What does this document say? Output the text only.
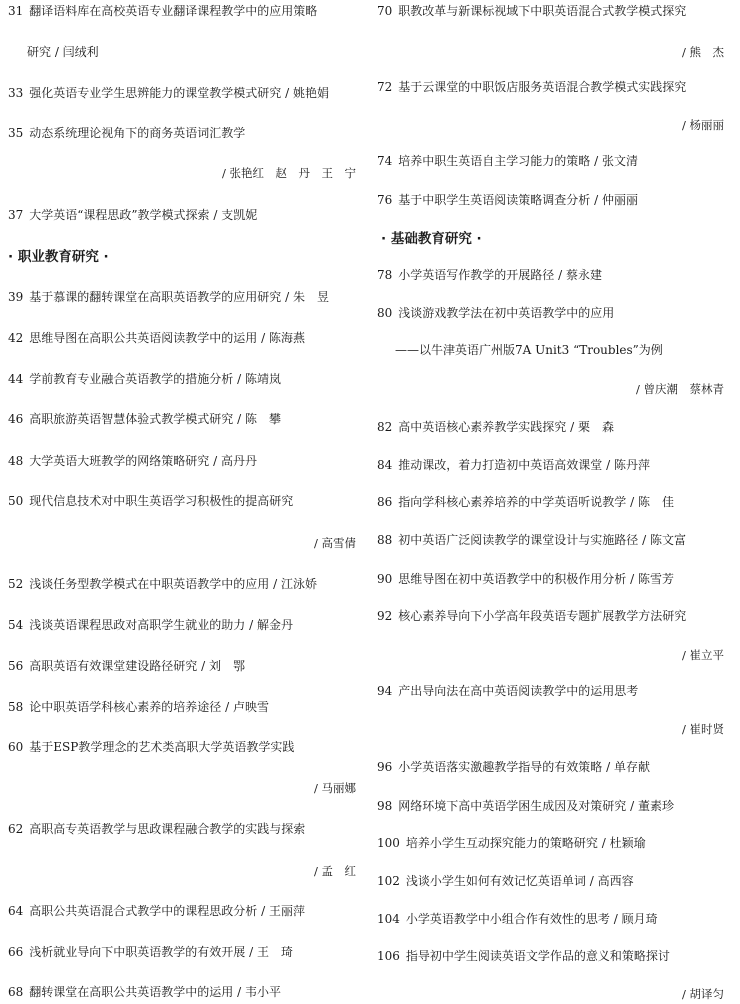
31 翻译语料库在高校英语专业翻译课程教学中的应用策略
研究 / 闫绒利
33 强化英语专业学生思辨能力的课堂教学模式研究 / 姚艳娟
35 动态系统理论视角下的商务英语词汇教学
/ 张艳红　赵　丹　王　宁
37 大学英语“课程思政”教学模式探索 / 支凯妮
· 职业教育研究 ·
39 基于慕课的翻转课堂在高职英语教学的应用研究 / 朱　昱
42 思维导图在高职公共英语阅读教学中的运用 / 陈海燕
44 学前教育专业融合英语教学的措施分析 / 陈靖岚
46 高职旅游英语智慧体验式教学模式研究 / 陈　攀
48 大学英语大班教学的网络策略研究 / 高丹丹
50 现代信息技术对中职生英语学习积极性的提高研究
/ 高雪倩
52 浅谈任务型教学模式在中职英语教学中的应用 / 江泳娇
54 浅谈英语课程思政对高职学生就业的助力 / 解金丹
56 高职英语有效课堂建设路径研究 / 刘　鄂
58 论中职英语学科核心素养的培养途径 / 卢映雪
60 基于ESP教学理念的艺术类高职大学英语教学实践
/ 马丽娜
62 高职高专英语教学与思政课程融合教学的实践与探索
/ 孟　红
64 高职公共英语混合式教学中的课程思政分析 / 王丽萍
66 浅析就业导向下中职英语教学的有效开展 / 王　琦
68 翻转课堂在高职公共英语教学中的运用 / 韦小平
70 职教改革与新课标视域下中职英语混合式教学模式探究
/ 熊　杰
72 基于云课堂的中职饭店服务英语混合教学模式实践探究
/ 杨丽丽
74 培养中职生英语自主学习能力的策略 / 张文清
76 基于中职学生英语阅读策略调查分析 / 仲丽丽
· 基础教育研究 ·
78 小学英语写作教学的开展路径 / 蔡永建
80 浅谈游戏教学法在初中英语教学中的应用
——以牛津英语广州版7A Unit3 “Troubles”为例
/ 曾庆潮　蔡林青
82 高中英语核心素养教学实践探究 / 栗　森
84 推动课改，着力打造初中英语高效课堂 / 陈丹萍
86 指向学科核心素养培养的中学英语听说教学 / 陈　佳
88 初中英语广泛阅读教学的课堂设计与实施路径 / 陈文富
90 思维导图在初中英语教学中的积极作用分析 / 陈雪芳
92 核心素养导向下小学高年段英语专题扩展教学方法研究
/ 崔立平
94 产出导向法在高中英语阅读教学中的运用思考
/ 崔时贤
96 小学英语落实激趣教学指导的有效策略 / 单存献
98 网络环境下高中英语学困生成因及对策研究 / 董素珍
100 培养小学生互动探究能力的策略研究 / 杜颖瑜
102 浅谈小学生如何有效记忆英语单词 / 高西容
104 小学英语教学中小组合作有效性的思考 / 顾月琦
106 指导初中学生阅读英语文学作品的意义和策略探讨
/ 胡译匀
